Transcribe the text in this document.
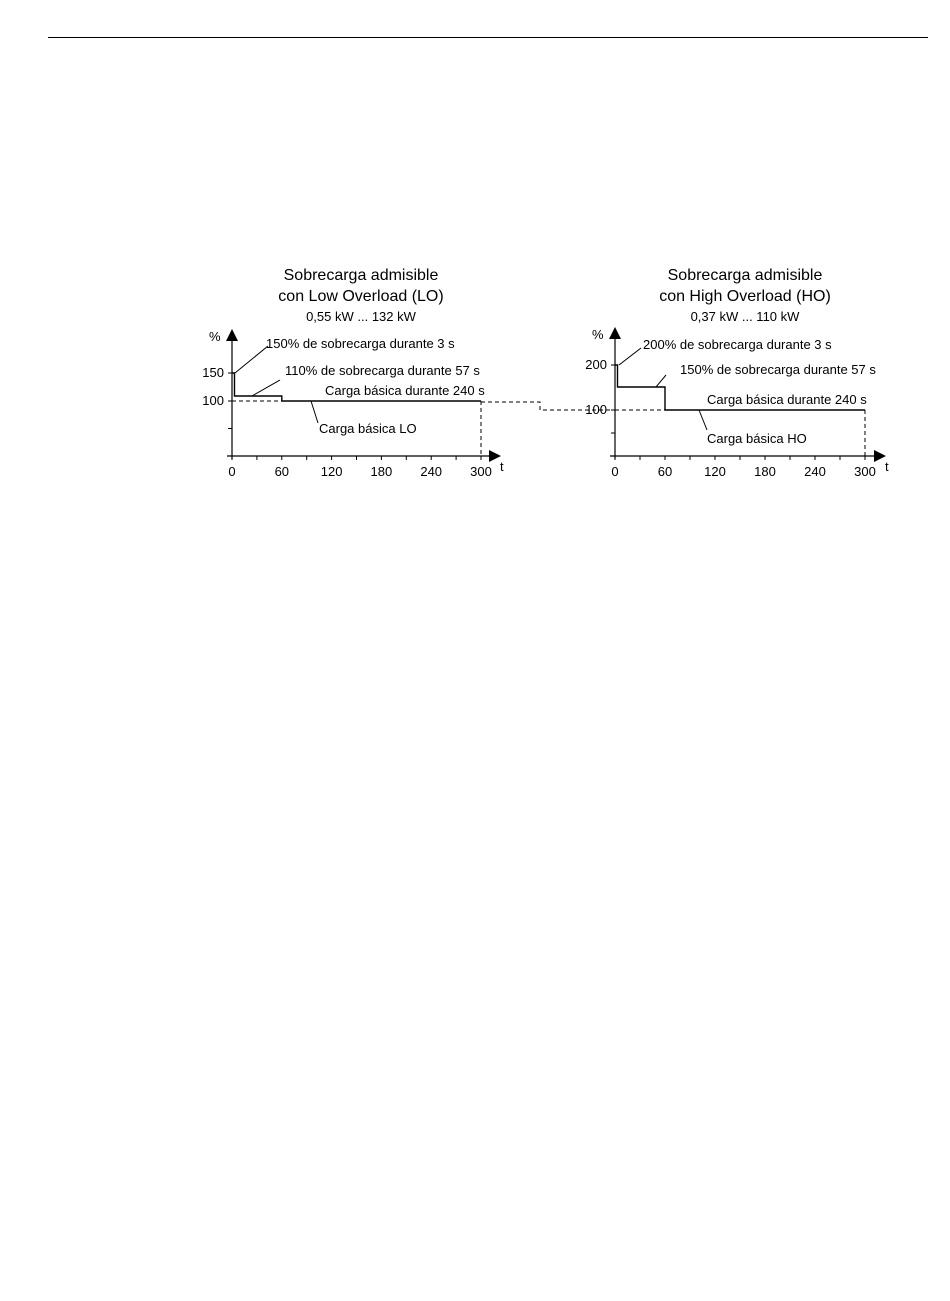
Sobrecarga admisible
con Low Overload (LO)
0,55 kW ... 132 kW
%
t
0	60 120 180 240 300
100
150
150% de sobrecarga durante 3 s
110% de sobrecarga durante 57 s
Carga básica durante 240 s
Carga básica LO
Sobrecarga admisible
con High Overload (HO)
0,37 kW ... 110 kW
%
t
0	60 120 180 240 300
100
200
200% de sobrecarga durante 3 s
150% de sobrecarga durante 57 s
Carga básica durante 240 s
Carga básica HO
